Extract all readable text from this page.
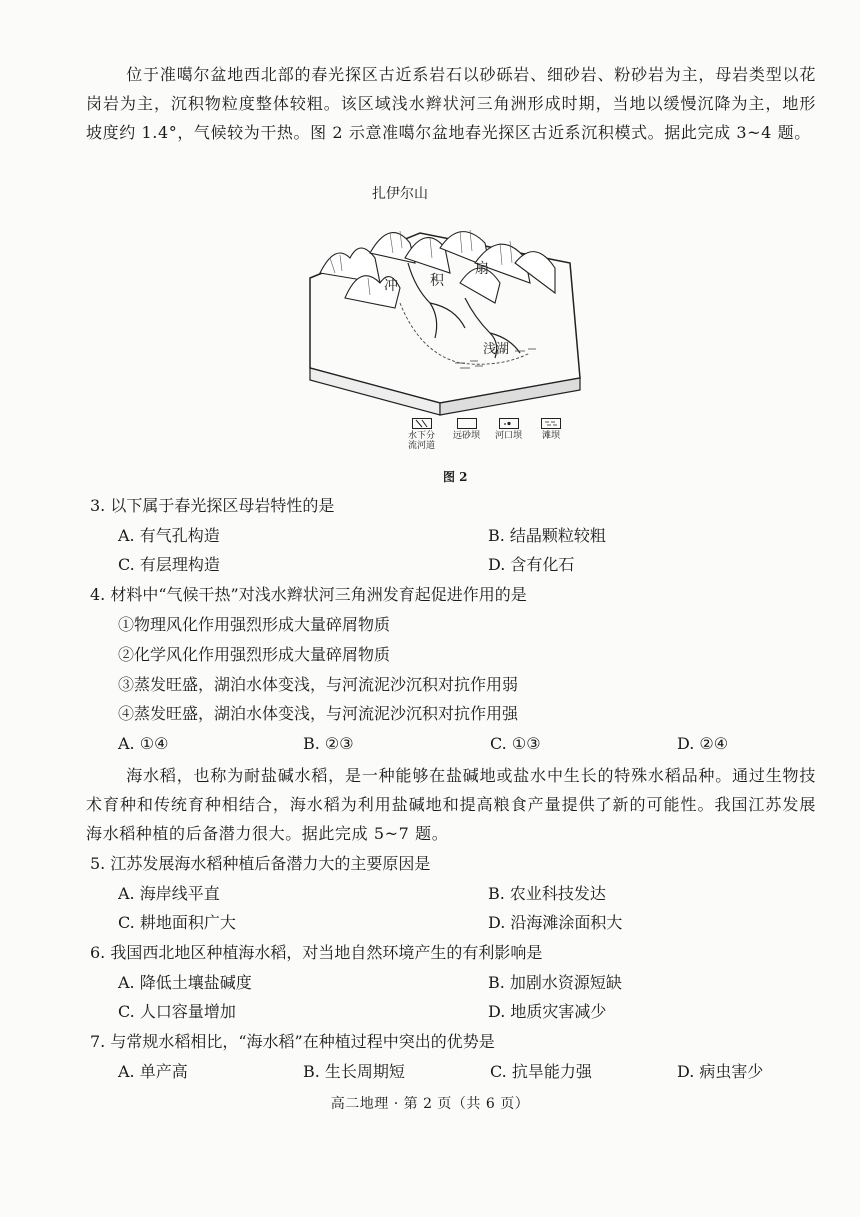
位于准噶尔盆地西北部的春光探区古近系岩石以砂砾岩、细砂岩、粉砂岩为主，母岩类型以花岗岩为主，沉积物粒度整体较粗。该区域浅水辫状河三角洲形成时期，当地以缓慢沉降为主，地形坡度约 1.4°，气候较为干热。图 2 示意准噶尔盆地春光探区古近系沉积模式。据此完成 3~4 题。

扎伊尔山
冲 积
扇
浅湖
水下分
流河道
远砂坝 河口坝 滩坝
图 2
3. 以下属于春光探区母岩特性的是
A. 有气孔构造	B. 结晶颗粒较粗
C. 有层理构造	D. 含有化石
4. 材料中“气候干热”对浅水辫状河三角洲发育起促进作用的是
①物理风化作用强烈形成大量碎屑物质
②化学风化作用强烈形成大量碎屑物质
③蒸发旺盛，湖泊水体变浅，与河流泥沙沉积对抗作用弱
④蒸发旺盛，湖泊水体变浅，与河流泥沙沉积对抗作用强
A. ①④	B. ②③	C. ①③	D. ②④

海水稻，也称为耐盐碱水稻，是一种能够在盐碱地或盐水中生长的特殊水稻品种。通过生物技术育种和传统育种相结合，海水稻为利用盐碱地和提高粮食产量提供了新的可能性。我国江苏发展海水稻种植的后备潜力很大。据此完成 5~7 题。

5. 江苏发展海水稻种植后备潜力大的主要原因是
A. 海岸线平直	B. 农业科技发达
C. 耕地面积广大	D. 沿海滩涂面积大
6. 我国西北地区种植海水稻，对当地自然环境产生的有利影响是
A. 降低土壤盐碱度	B. 加剧水资源短缺
C. 人口容量增加	D. 地质灾害减少
7. 与常规水稻相比，“海水稻”在种植过程中突出的优势是
A. 单产高	B. 生长周期短	C. 抗旱能力强	D. 病虫害少
高二地理 · 第 2 页（共 6 页）
